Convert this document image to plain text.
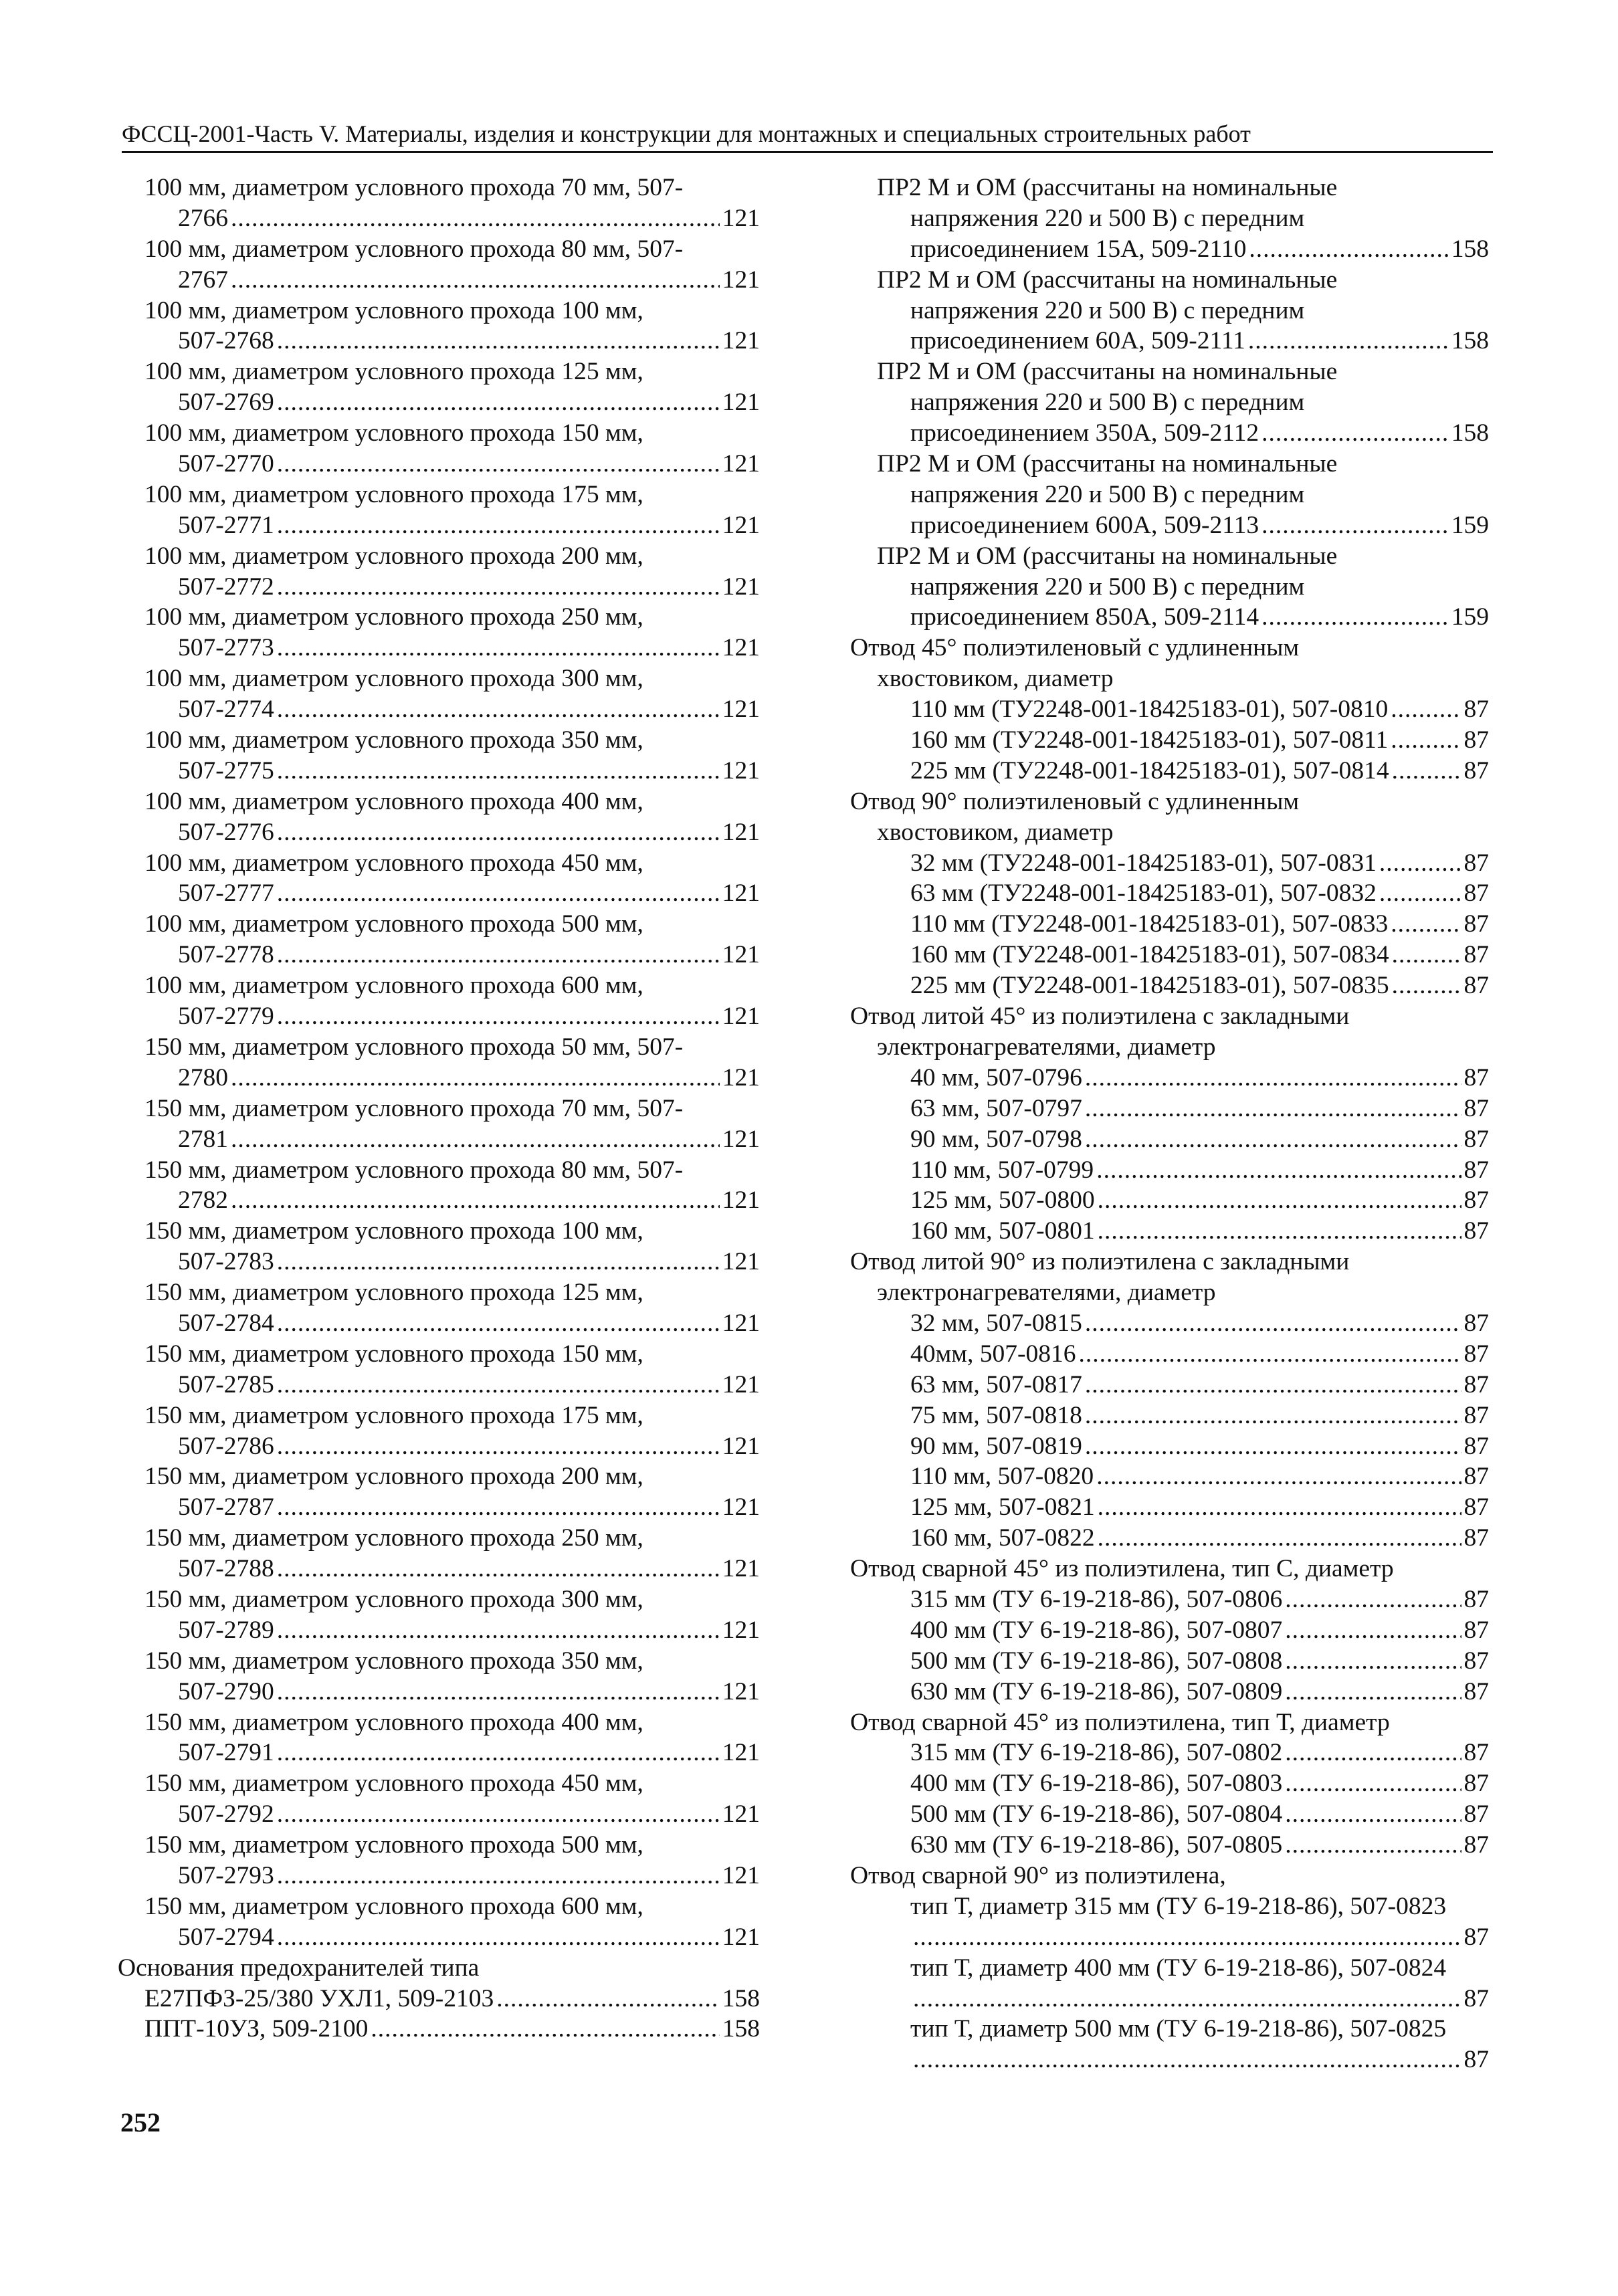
ФССЦ-2001-Часть V. Материалы, изделия и конструкции для монтажных и специальных строительных работ
100 мм, диаметром условного прохода 70 мм, 507-
2766 .....	121
100 мм, диаметром условного прохода 80 мм, 507-
2767 .....	121
100 мм, диаметром условного прохода 100 мм,
507-2768 .....	121
100 мм, диаметром условного прохода 125 мм,
507-2769 .....	121
100 мм, диаметром условного прохода 150 мм,
507-2770 .....	121
100 мм, диаметром условного прохода 175 мм,
507-2771 .....	121
100 мм, диаметром условного прохода 200 мм,
507-2772 .....	121
100 мм, диаметром условного прохода 250 мм,
507-2773 .....	121
100 мм, диаметром условного прохода 300 мм,
507-2774 .....	121
100 мм, диаметром условного прохода 350 мм,
507-2775 .....	121
100 мм, диаметром условного прохода 400 мм,
507-2776 .....	121
100 мм, диаметром условного прохода 450 мм,
507-2777 .....	121
100 мм, диаметром условного прохода 500 мм,
507-2778 .....	121
100 мм, диаметром условного прохода 600 мм,
507-2779 .....	121
150 мм, диаметром условного прохода 50 мм, 507-
2780 .....	121
150 мм, диаметром условного прохода 70 мм, 507-
2781 .....	121
150 мм, диаметром условного прохода 80 мм, 507-
2782 .....	121
150 мм, диаметром условного прохода 100 мм,
507-2783 .....	121
150 мм, диаметром условного прохода 125 мм,
507-2784 .....	121
150 мм, диаметром условного прохода 150 мм,
507-2785 .....	121
150 мм, диаметром условного прохода 175 мм,
507-2786 .....	121
150 мм, диаметром условного прохода 200 мм,
507-2787 .....	121
150 мм, диаметром условного прохода 250 мм,
507-2788 .....	121
150 мм, диаметром условного прохода 300 мм,
507-2789 .....	121
150 мм, диаметром условного прохода 350 мм,
507-2790 .....	121
150 мм, диаметром условного прохода 400 мм,
507-2791 .....	121
150 мм, диаметром условного прохода 450 мм,
507-2792 .....	121
150 мм, диаметром условного прохода 500 мм,
507-2793 .....	121
150 мм, диаметром условного прохода 600 мм,
507-2794 .....	121
Основания предохранителей типа
Е27ПФЗ-25/380 УХЛ1, 509-2103 .....	158
ППТ-10УЗ, 509-2100 .....	158
ПР2 М и ОМ (рассчитаны на номинальные
напряжения 220 и 500 В) с передним
присоединением 15А, 509-2110 .....	158
ПР2 М и ОМ (рассчитаны на номинальные
напряжения 220 и 500 В) с передним
присоединением 60А, 509-2111 .....	158
ПР2 М и ОМ (рассчитаны на номинальные
напряжения 220 и 500 В) с передним
присоединением 350А, 509-2112 .....	158
ПР2 М и ОМ (рассчитаны на номинальные
напряжения 220 и 500 В) с передним
присоединением 600А, 509-2113 .....	159
ПР2 М и ОМ (рассчитаны на номинальные
напряжения 220 и 500 В) с передним
присоединением 850А, 509-2114 .....	159
Отвод 45° полиэтиленовый с удлиненным
хвостовиком, диаметр
110 мм (ТУ2248-001-18425183-01), 507-0810 .....	87
160 мм (ТУ2248-001-18425183-01), 507-0811 .....	87
225 мм (ТУ2248-001-18425183-01), 507-0814 .....	87
Отвод 90° полиэтиленовый с удлиненным
хвостовиком, диаметр
32 мм (ТУ2248-001-18425183-01), 507-0831 .....	87
63 мм (ТУ2248-001-18425183-01), 507-0832 .....	87
110 мм (ТУ2248-001-18425183-01), 507-0833 .....	87
160 мм (ТУ2248-001-18425183-01), 507-0834 .....	87
225 мм (ТУ2248-001-18425183-01), 507-0835 .....	87
Отвод литой 45° из полиэтилена с закладными
электронагревателями, диаметр
40 мм, 507-0796 .....	87
63 мм, 507-0797 .....	87
90 мм, 507-0798 .....	87
110 мм, 507-0799 .....	87
125 мм, 507-0800 .....	87
160 мм, 507-0801 .....	87
Отвод литой 90° из полиэтилена с закладными
электронагревателями, диаметр
32 мм, 507-0815 .....	87
40мм, 507-0816 .....	87
63 мм, 507-0817 .....	87
75 мм, 507-0818 .....	87
90 мм, 507-0819 .....	87
110 мм, 507-0820 .....	87
125 мм, 507-0821 .....	87
160 мм, 507-0822 .....	87
Отвод сварной 45° из полиэтилена, тип С, диаметр
315 мм (ТУ 6-19-218-86), 507-0806 .....	87
400 мм (ТУ 6-19-218-86), 507-0807 .....	87
500 мм (ТУ 6-19-218-86), 507-0808 .....	87
630 мм (ТУ 6-19-218-86), 507-0809 .....	87
Отвод сварной 45° из полиэтилена, тип Т, диаметр
315 мм (ТУ 6-19-218-86), 507-0802 .....	87
400 мм (ТУ 6-19-218-86), 507-0803 .....	87
500 мм (ТУ 6-19-218-86), 507-0804 .....	87
630 мм (ТУ 6-19-218-86), 507-0805 .....	87
Отвод сварной 90° из полиэтилена,
тип Т, диаметр 315 мм (ТУ 6-19-218-86), 507-0823
.....
87
тип Т, диаметр 400 мм (ТУ 6-19-218-86), 507-0824
.....
87
тип Т, диаметр 500 мм (ТУ 6-19-218-86), 507-0825
.....
87
252
